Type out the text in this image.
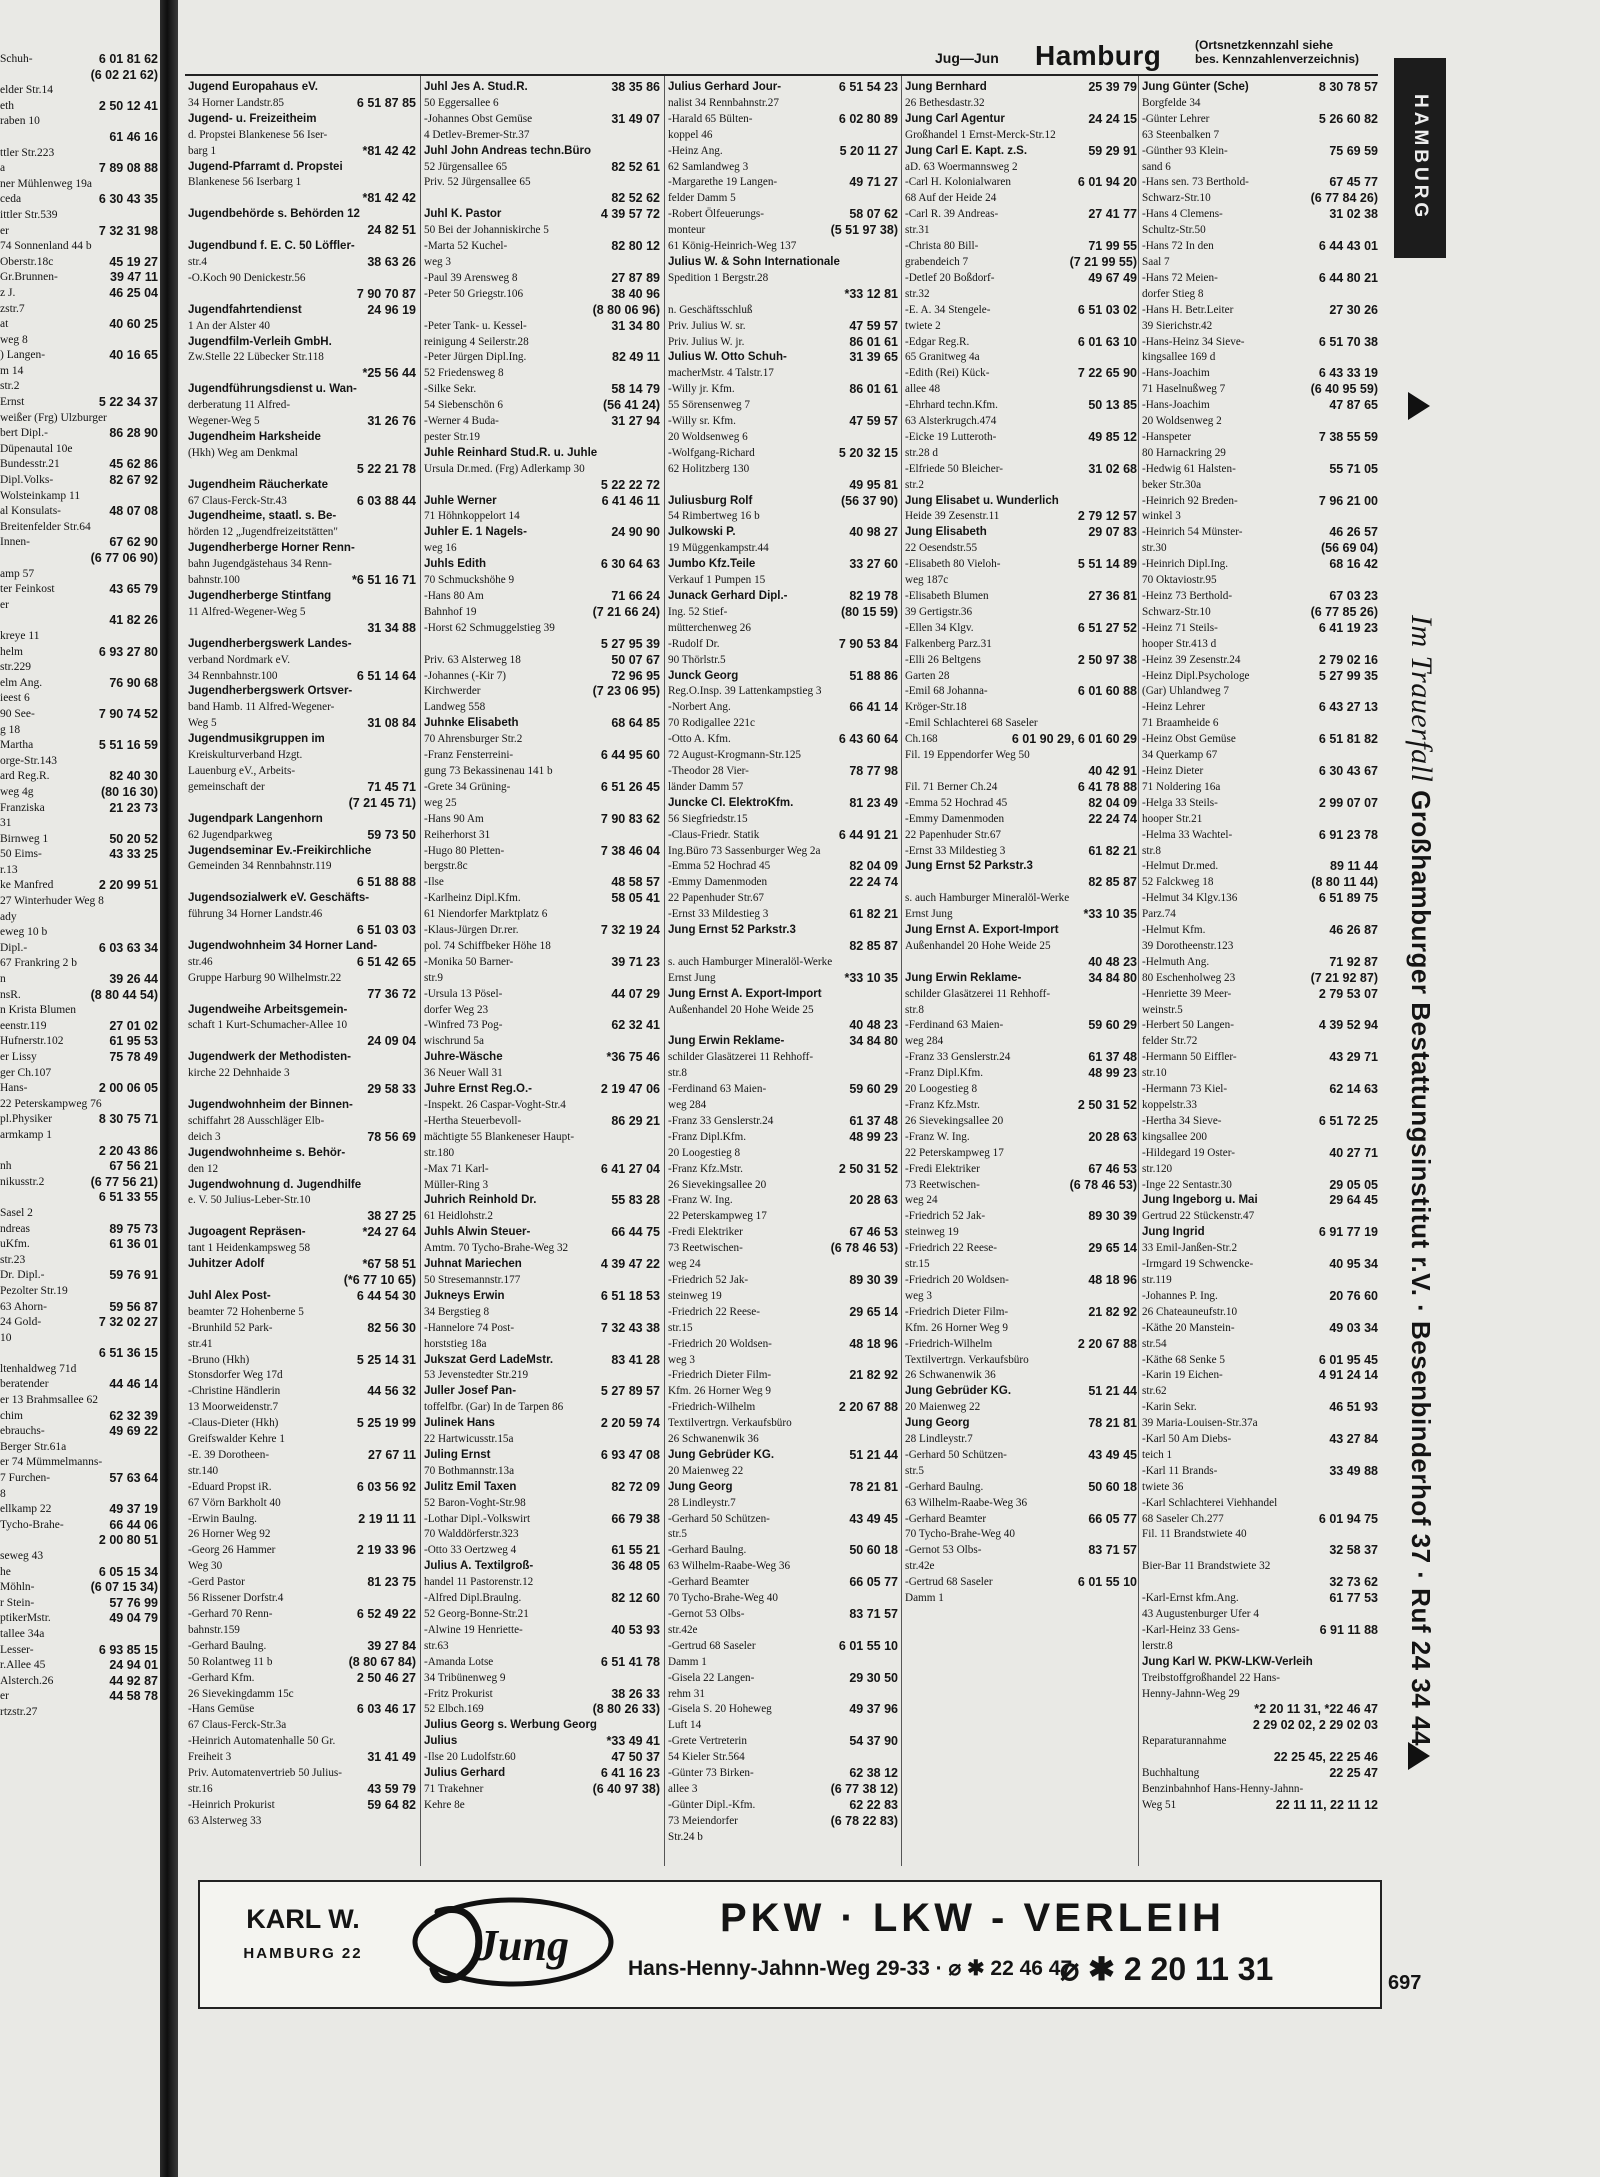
Schuh-	6 01 81 62
(6 02 21 62)
elder Str.14
eth	2 50 12 41
raben 10
61 46 16
ttler Str.223
a	7 89 08 88
ner Mühlenweg 19a
ceda	6 30 43 35
ittler Str.539
er	7 32 31 98
74 Sonnenland 44 b
Oberstr.18c	45 19 27
Gr.Brunnen-	39 47 11
z J.	46 25 04
zstr.7
at	40 60 25
weg 8
) Langen-	40 16 65
m 14
str.2
Ernst	5 22 34 37
weißer (Frg) Ulzburger
bert Dipl.-	86 28 90
Düpenautal 10e
Bundesstr.21	45 62 86
Dipl.Volks-	82 67 92
Wolsteinkamp 11
al Konsulats-	48 07 08
Breitenfelder Str.64
Innen-	67 62 90
(6 77 06 90)
amp 57
ter Feinkost	43 65 79
er
41 82 26
kreye 11
helm	6 93 27 80
str.229
elm Ang.	76 90 68
ieest 6
90 See-	7 90 74 52
g 18
Martha	5 51 16 59
orge-Str.143
ard Reg.R.	82 40 30
weg 4g	(80 16 30)
Franziska	21 23 73
31
Birnweg 1	50 20 52
50 Eims-	43 33 25
r.13
ke Manfred	2 20 99 51
27 Winterhuder Weg 8
ady
eweg 10 b
Dipl.-	6 03 63 34
67 Frankring 2 b
n	39 26 44
nsR.	(8 80 44 54)
n Krista Blumen
eenstr.119	27 01 02
Hufnerstr.102	61 95 53
er Lissy	75 78 49
ger Ch.107
Hans-	2 00 06 05
22 Peterskampweg 76
pl.Physiker	8 30 75 71
armkamp 1
2 20 43 86
nh	67 56 21
nikusstr.2	(6 77 56 21)
6 51 33 55
Sasel 2
ndreas	89 75 73
uKfm.	61 36 01
str.23
Dr. Dipl.-	59 76 91
Pezolter Str.19
63 Ahorn-	59 56 87
24 Gold-	7 32 02 27
10
6 51 36 15
ltenhaldweg 71d
beratender	44 46 14
er 13 Brahmsallee 62
chim	62 32 39
ebrauchs-	49 69 22
Berger Str.61a
er 74 Mümmelmanns-
7 Furchen-	57 63 64
8
ellkamp 22	49 37 19
Tycho-Brahe-	66 44 06
2 00 80 51
seweg 43
he	6 05 15 34
Möhln-	(6 07 15 34)
r Stein-	57 76 99
ptikerMstr.	49 04 79
tallee 34a
Lesser-	6 93 85 15
r.Allee 45	24 94 01
Alsterch.26	44 92 87
er	44 58 78
rtzstr.27
Jug—Jun Hamburg	(Ortsnetzkennzahl siehe
bes. Kennzahlenverzeichnis)
Jugend Europahaus eV.
34 Horner Landstr.85	6 51 87 85
Jugend- u. Freizeitheim
d. Propstei Blankenese 56 Iser-
barg 1	*81 42 42
Jugend-Pfarramt d. Propstei
Blankenese 56 Iserbarg 1
*81 42 42
Jugendbehörde s. Behörden 12
24 82 51
Jugendbund f. E. C. 50 Löffler-
str.4	38 63 26
-O.Koch 90 Denickestr.56
7 90 70 87
Jugendfahrtendienst	24 96 19
1 An der Alster 40
Jugendfilm-Verleih GmbH.
Zw.Stelle 22 Lübecker Str.118
*25 56 44
Jugendführungsdienst u. Wan-
derberatung 11 Alfred-
Wegener-Weg 5	31 26 76
Jugendheim Harksheide
(Hkh) Weg am Denkmal
5 22 21 78
Jugendheim Räucherkate
67 Claus-Ferck-Str.43	6 03 88 44
Jugendheime, staatl. s. Be-
hörden 12 „Jugendfreizeitstätten"
Jugendherberge Horner Renn-
bahn Jugendgästehaus 34 Renn-
bahnstr.100	*6 51 16 71
Jugendherberge Stintfang
11 Alfred-Wegener-Weg 5
31 34 88
Jugendherbergswerk Landes-
verband Nordmark eV.
34 Rennbahnstr.100	6 51 14 64
Jugendherbergswerk Ortsver-
band Hamb. 11 Alfred-Wegener-
Weg 5	31 08 84
Jugendmusikgruppen im
Kreiskulturverband Hzgt.
Lauenburg eV., Arbeits-
gemeinschaft der	71 45 71
(7 21 45 71)
Jugendpark Langenhorn
62 Jugendparkweg	59 73 50
Jugendseminar Ev.-Freikirchliche
Gemeinden 34 Rennbahnstr.119
6 51 88 88
Jugendsozialwerk eV. Geschäfts-
führung 34 Horner Landstr.46
6 51 03 03
Jugendwohnheim 34 Horner Land-
str.46	6 51 42 65
Gruppe Harburg 90 Wilhelmstr.22
77 36 72
Jugendweihe Arbeitsgemein-
schaft 1 Kurt-Schumacher-Allee 10
24 09 04
Jugendwerk der Methodisten-
kirche 22 Dehnhaide 3
29 58 33
Jugendwohnheim der Binnen-
schiffahrt 28 Ausschläger Elb-
deich 3	78 56 69
Jugendwohnheime s. Behör-
den 12
Jugendwohnung d. Jugendhilfe
e. V. 50 Julius-Leber-Str.10
38 27 25
Jugoagent Repräsen-	*24 27 64
tant 1 Heidenkampsweg 58
Juhitzer Adolf	*67 58 51
(*6 77 10 65)
Juhl Alex Post-	6 44 54 30
beamter 72 Hohenberne 5
-Brunhild 52 Park-	82 56 30
str.41
-Bruno (Hkh)	5 25 14 31
Stonsdorfer Weg 17d
-Christine Händlerin	44 56 32
13 Moorweidenstr.7
-Claus-Dieter (Hkh)	5 25 19 99
Greifswalder Kehre 1
-E. 39 Dorotheen-	27 67 11
str.140
-Eduard Propst iR.	6 03 56 92
67 Vörn Barkholt 40
-Erwin Baulng.	2 19 11 11
26 Horner Weg 92
-Georg 26 Hammer	2 19 33 96
Weg 30
-Gerd Pastor	81 23 75
56 Rissener Dorfstr.4
-Gerhard 70 Renn-	6 52 49 22
bahnstr.159
-Gerhard Baulng.	39 27 84
50 Rolantweg 11 b	(8 80 67 84)
-Gerhard Kfm.	2 50 46 27
26 Sievekingdamm 15c
-Hans Gemüse	6 03 46 17
67 Claus-Ferck-Str.3a
-Heinrich Automatenhalle 50 Gr.
Freiheit 3	31 41 49
Priv. Automatenvertrieb 50 Julius-
str.16	43 59 79
-Heinrich Prokurist	59 64 82
63 Alsterweg 33
Juhl Jes A. Stud.R.	38 35 86
50 Eggersallee 6
-Johannes Obst Gemüse	31 49 07
4 Detlev-Bremer-Str.37
Juhl John Andreas techn.Büro
52 Jürgensallee 65	82 52 61
Priv. 52 Jürgensallee 65
82 52 62
Juhl K. Pastor	4 39 57 72
50 Bei der Johanniskirche 5
-Marta 52 Kuchel-	82 80 12
weg 3
-Paul 39 Arensweg 8	27 87 89
-Peter 50 Griegstr.106	38 40 96
(8 80 06 96)
-Peter Tank- u. Kessel-	31 34 80
reinigung 4 Seilerstr.28
-Peter Jürgen Dipl.Ing.	82 49 11
52 Friedensweg 8
-Silke Sekr.	58 14 79
54 Siebenschön 6	(56 41 24)
-Werner 4 Buda-	31 27 94
pester Str.19
Juhle Reinhard Stud.R. u. Juhle
Ursula Dr.med. (Frg) Adlerkamp 30
5 22 22 72
Juhle Werner	6 41 46 11
71 Höhnkoppelort 14
Juhler E. 1 Nagels-	24 90 90
weg 16
Juhls Edith	6 30 64 63
70 Schmuckshöhe 9
-Hans 80 Am	71 66 24
Bahnhof 19	(7 21 66 24)
-Horst 62 Schmuggelstieg 39
5 27 95 39
Priv. 63 Alsterweg 18	50 07 67
-Johannes (-Kir 7)	72 96 95
Kirchwerder	(7 23 06 95)
Landweg 558
Juhnke Elisabeth	68 64 85
70 Ahrensburger Str.2
-Franz Fensterreini-	6 44 95 60
gung 73 Bekassinenau 141 b
-Grete 34 Grüning-	6 51 26 45
weg 25
-Hans 90 Am	7 90 83 62
Reiherhorst 31
-Hugo 80 Pletten-	7 38 46 04
bergstr.8c
-Ilse	48 58 57
-Karlheinz Dipl.Kfm.	58 05 41
61 Niendorfer Marktplatz 6
-Klaus-Jürgen Dr.rer.	7 32 19 24
pol. 74 Schiffbeker Höhe 18
-Monika 50 Barner-	39 71 23
str.9
-Ursula 13 Pösel-	44 07 29
dorfer Weg 23
-Winfred 73 Pog-	62 32 41
wischrund 5a
Juhre-Wäsche	*36 75 46
36 Neuer Wall 31
Juhre Ernst Reg.O.-	2 19 47 06
-Inspekt. 26 Caspar-Voght-Str.4
-Hertha Steuerbevoll-	86 29 21
mächtigte 55 Blankeneser Haupt-
str.180
-Max 71 Karl-	6 41 27 04
Müller-Ring 3
Juhrich Reinhold Dr.	55 83 28
61 Heidlohstr.2
Juhls Alwin Steuer-	66 44 75
Amtm. 70 Tycho-Brahe-Weg 32
Juhnat Mariechen	4 39 47 22
50 Stresemannstr.177
Jukneys Erwin	6 51 18 53
34 Bergstieg 8
-Hannelore 74 Post-	7 32 43 38
horststieg 18a
Jukszat Gerd LadeMstr.	83 41 28
53 Jevenstedter Str.219
Juller Josef Pan-	5 27 89 57
toffelfbr. (Gar) In de Tarpen 86
Julinek Hans	2 20 59 74
22 Hartwicusstr.15a
Juling Ernst	6 93 47 08
70 Bothmannstr.13a
Julitz Emil Taxen	82 72 09
52 Baron-Voght-Str.98
-Lothar Dipl.-Volkswirt	66 79 38
70 Walddörferstr.323
-Otto 33 Oertzweg 4	61 55 21
Julius A. Textilgroß-	36 48 05
handel 11 Pastorenstr.12
-Alfred Dipl.Braulng.	82 12 60
52 Georg-Bonne-Str.21
-Alwine 19 Henriette-	40 53 93
str.63
-Amanda Lotse	6 51 41 78
34 Tribünenweg 9
-Fritz Prokurist	38 26 33
52 Elbch.169	(8 80 26 33)
Julius Georg s. Werbung Georg
Julius	*33 49 41
-Ilse 20 Ludolfstr.60	47 50 37
Julius Gerhard	6 41 16 23
71 Trakehner	(6 40 97 38)
Kehre 8e
Julius Gerhard Jour-	6 51 54 23
nalist 34 Rennbahnstr.27
-Harald 65 Bülten-	6 02 80 89
koppel 46
-Heinz Ang.	5 20 11 27
62 Samlandweg 3
-Margarethe 19 Langen-	49 71 27
felder Damm 5
-Robert Ölfeuerungs-	58 07 62
monteur	(5 51 97 38)
61 König-Heinrich-Weg 137
Julius W. & Sohn Internationale
Spedition 1 Bergstr.28
*33 12 81
n. Geschäftsschluß
Priv. Julius W. sr.	47 59 57
Priv. Julius W. jr.	86 01 61
Julius W. Otto Schuh-	31 39 65
macherMstr. 4 Talstr.17
-Willy jr. Kfm.	86 01 61
55 Sörensenweg 7
-Willy sr. Kfm.	47 59 57
20 Woldsenweg 6
-Wolfgang-Richard	5 20 32 15
62 Holitzberg 130
49 95 81
Juliusburg Rolf	(56 37 90)
54 Rimbertweg 16 b
Julkowski P.	40 98 27
19 Müggenkampstr.44
Jumbo Kfz.Teile	33 27 60
Verkauf 1 Pumpen 15
Junack Gerhard Dipl.-	82 19 78
Ing. 52 Stief-	(80 15 59)
mütterchenweg 26
-Rudolf Dr.	7 90 53 84
90 Thörlstr.5
Junck Georg	51 88 86
Reg.O.Insp. 39 Lattenkampstieg 3
-Norbert Ang.	66 41 14
70 Rodigallee 221c
-Otto A. Kfm.	6 43 60 64
72 August-Krogmann-Str.125
-Theodor 28 Vier-	78 77 98
länder Damm 57
Juncke Cl. ElektroKfm.	81 23 49
56 Siegfriedstr.15
-Claus-Friedr. Statik	6 44 91 21
Ing.Büro 73 Sassenburger Weg 2a
-Emma 52 Hochrad 45	82 04 09
-Emmy Damenmoden	22 24 74
22 Papenhuder Str.67
-Ernst 33 Mildestieg 3	61 82 21
Jung Ernst 52 Parkstr.3
82 85 87
s. auch Hamburger Mineralöl-Werke
Ernst Jung	*33 10 35
Jung Ernst A. Export-Import
Außenhandel 20 Hohe Weide 25
40 48 23
Jung Erwin Reklame-	34 84 80
schilder Glasätzerei 11 Rehhoff-
str.8
-Ferdinand 63 Maien-	59 60 29
weg 284
-Franz 33 Genslerstr.24	61 37 48
-Franz Dipl.Kfm.	48 99 23
20 Loogestieg 8
-Franz Kfz.Mstr.	2 50 31 52
26 Sievekingsallee 20
-Franz W. Ing.	20 28 63
22 Peterskampweg 17
-Fredi Elektriker	67 46 53
73 Reetwischen-	(6 78 46 53)
weg 24
-Friedrich 52 Jak-	89 30 39
steinweg 19
-Friedrich 22 Reese-	29 65 14
str.15
-Friedrich 20 Woldsen-	48 18 96
weg 3
-Friedrich Dieter Film-	21 82 92
Kfm. 26 Horner Weg 9
-Friedrich-Wilhelm	2 20 67 88
Textilvertrgn. Verkaufsbüro
26 Schwanenwik 36
Jung Gebrüder KG.	51 21 44
20 Maienweg 22
Jung Georg	78 21 81
28 Lindleystr.7
-Gerhard 50 Schützen-	43 49 45
str.5
-Gerhard Baulng.	50 60 18
63 Wilhelm-Raabe-Weg 36
-Gerhard Beamter	66 05 77
70 Tycho-Brahe-Weg 40
-Gernot 53 Olbs-	83 71 57
str.42e
-Gertrud 68 Saseler	6 01 55 10
Damm 1
-Gisela 22 Langen-	29 30 50
rehm 31
-Gisela S. 20 Hoheweg	49 37 96
Luft 14
-Grete Vertreterin	54 37 90
54 Kieler Str.564
-Günter 73 Birken-	62 38 12
allee 3	(6 77 38 12)
-Günter Dipl.-Kfm.	62 22 83
73 Meiendorfer	(6 78 22 83)
Str.24 b
Jung Bernhard	25 39 79
26 Bethesdastr.32
Jung Carl Agentur	24 24 15
Großhandel 1 Ernst-Merck-Str.12
Jung Carl E. Kapt. z.S.	59 29 91
aD. 63 Woermannsweg 2
-Carl H. Kolonialwaren	6 01 94 20
68 Auf der Heide 24
-Carl R. 39 Andreas-	27 41 77
str.31
-Christa 80 Bill-	71 99 55
grabendeich 7	(7 21 99 55)
-Detlef 20 Boßdorf-	49 67 49
str.32
-E. A. 34 Stengele-	6 51 03 02
twiete 2
-Edgar Reg.R.	6 01 63 10
65 Granitweg 4a
-Edith (Rei) Kück-	7 22 65 90
allee 48
-Ehrhard techn.Kfm.	50 13 85
63 Alsterkrugch.474
-Eicke 19 Lutteroth-	49 85 12
str.28 d
-Elfriede 50 Bleicher-	31 02 68
str.2
Jung Elisabet u. Wunderlich
Heide 39 Zesenstr.11	2 79 12 57
Jung Elisabeth	29 07 83
22 Oesendstr.55
-Elisabeth 80 Vieloh-	5 51 14 89
weg 187c
-Elisabeth Blumen	27 36 81
39 Gertigstr.36
-Ellen 34 Klgv.	6 51 27 52
Falkenberg Parz.31
-Elli 26 Beltgens	2 50 97 38
Garten 28
-Emil 68 Johanna-	6 01 60 88
Kröger-Str.18
-Emil Schlachterei 68 Saseler
Ch.168	6 01 90 29, 6 01 60 29
Fil. 19 Eppendorfer Weg 50
40 42 91
Fil. 71 Berner Ch.24	6 41 78 88
-Emma 52 Hochrad 45	82 04 09
-Emmy Damenmoden	22 24 74
22 Papenhuder Str.67
-Ernst 33 Mildestieg 3	61 82 21
Jung Ernst 52 Parkstr.3
82 85 87
s. auch Hamburger Mineralöl-Werke
Ernst Jung	*33 10 35
Jung Ernst A. Export-Import
Außenhandel 20 Hohe Weide 25
40 48 23
Jung Erwin Reklame-	34 84 80
schilder Glasätzerei 11 Rehhoff-
str.8
-Ferdinand 63 Maien-	59 60 29
weg 284
-Franz 33 Genslerstr.24	61 37 48
-Franz Dipl.Kfm.	48 99 23
20 Loogestieg 8
-Franz Kfz.Mstr.	2 50 31 52
26 Sievekingsallee 20
-Franz W. Ing.	20 28 63
22 Peterskampweg 17
-Fredi Elektriker	67 46 53
73 Reetwischen-	(6 78 46 53)
weg 24
-Friedrich 52 Jak-	89 30 39
steinweg 19
-Friedrich 22 Reese-	29 65 14
str.15
-Friedrich 20 Woldsen-	48 18 96
weg 3
-Friedrich Dieter Film-	21 82 92
Kfm. 26 Horner Weg 9
-Friedrich-Wilhelm	2 20 67 88
Textilvertrgn. Verkaufsbüro
26 Schwanenwik 36
Jung Gebrüder KG.	51 21 44
20 Maienweg 22
Jung Georg	78 21 81
28 Lindleystr.7
-Gerhard 50 Schützen-	43 49 45
str.5
-Gerhard Baulng.	50 60 18
63 Wilhelm-Raabe-Weg 36
-Gerhard Beamter	66 05 77
70 Tycho-Brahe-Weg 40
-Gernot 53 Olbs-	83 71 57
str.42e
-Gertrud 68 Saseler	6 01 55 10
Damm 1
Jung Günter (Sche)	8 30 78 57
Borgfelde 34
-Günter Lehrer	5 26 60 82
63 Steenbalken 7
-Günther 93 Klein-	75 69 59
sand 6
-Hans sen. 73 Berthold-	67 45 77
Schwarz-Str.10	(6 77 84 26)
-Hans 4 Clemens-	31 02 38
Schultz-Str.50
-Hans 72 In den	6 44 43 01
Saal 7
-Hans 72 Meien-	6 44 80 21
dorfer Stieg 8
-Hans H. Betr.Leiter	27 30 26
39 Sierichstr.42
-Hans-Heinz 34 Sieve-	6 51 70 38
kingsallee 169 d
-Hans-Joachim	6 43 33 19
71 Haselnußweg 7	(6 40 95 59)
-Hans-Joachim	47 87 65
20 Woldsenweg 2
-Hanspeter	7 38 55 59
80 Harnackring 29
-Hedwig 61 Halsten-	55 71 05
beker Str.30a
-Heinrich 92 Breden-	7 96 21 00
winkel 3
-Heinrich 54 Münster-	46 26 57
str.30	(56 69 04)
-Heinrich Dipl.Ing.	68 16 42
70 Oktaviostr.95
-Heinz 73 Berthold-	67 03 23
Schwarz-Str.10	(6 77 85 26)
-Heinz 71 Steils-	6 41 19 23
hooper Str.413 d
-Heinz 39 Zesenstr.24	2 79 02 16
-Heinz Dipl.Psychologe	5 27 99 35
(Gar) Uhlandweg 7
-Heinz Lehrer	6 43 27 13
71 Braamheide 6
-Heinz Obst Gemüse	6 51 81 82
34 Querkamp 67
-Heinz Dieter	6 30 43 67
71 Noldering 16a
-Helga 33 Steils-	2 99 07 07
hooper Str.21
-Helma 33 Wachtel-	6 91 23 78
str.8
-Helmut Dr.med.	89 11 44
52 Falckweg 18	(8 80 11 44)
-Helmut 34 Klgv.136	6 51 89 75
Parz.74
-Helmut Kfm.	46 26 87
39 Dorotheenstr.123
-Helmuth Ang.	71 92 87
80 Eschenholweg 23	(7 21 92 87)
-Henriette 39 Meer-	2 79 53 07
weinstr.5
-Herbert 50 Langen-	4 39 52 94
felder Str.72
-Hermann 50 Eiffler-	43 29 71
str.10
-Hermann 73 Kiel-	62 14 63
koppelstr.33
-Hertha 34 Sieve-	6 51 72 25
kingsallee 200
-Hildegard 19 Oster-	40 27 71
str.120
-Inge 22 Sentastr.30	29 05 05
Jung Ingeborg u. Mai	29 64 45
Gertrud 22 Stückenstr.47
Jung Ingrid	6 91 77 19
33 Emil-Janßen-Str.2
-Irmgard 19 Schwencke-	40 95 34
str.119
-Johannes P. Ing.	20 76 60
26 Chateauneufstr.10
-Käthe 20 Manstein-	49 03 34
str.54
-Käthe 68 Senke 5	6 01 95 45
-Karin 19 Eichen-	4 91 24 14
str.62
-Karin Sekr.	46 51 93
39 Maria-Louisen-Str.37a
-Karl 50 Am Diebs-	43 27 84
teich 1
-Karl 11 Brands-	33 49 88
twiete 36
-Karl Schlachterei Viehhandel
68 Saseler Ch.277	6 01 94 75
Fil. 11 Brandstwiete 40
32 58 37
Bier-Bar 11 Brandstwiete 32
32 73 62
-Karl-Ernst kfm.Ang.	61 77 53
43 Augustenburger Ufer 4
-Karl-Heinz 33 Gens-	6 91 11 88
lerstr.8
Jung Karl W. PKW-LKW-Verleih
Treibstoffgroßhandel 22 Hans-
Henny-Jahnn-Weg 29
*2 20 11 31, *22 46 47
2 29 02 02, 2 29 02 03
Reparaturannahme
22 25 45, 22 25 46
Buchhaltung	22 25 47
Benzinbahnhof Hans-Henny-Jahnn-
Weg 51	22 11 11, 22 11 12
HAMBURG
Im Trauerfall Großhamburger Bestattungsinstitut r.V. · Besenbinderhof 37 · Ruf 24 34 44
KARL W.
HAMBURG 22	Jung
PKW · LKW - VERLEIH
Hans-Henny-Jahnn-Weg 29-33 · ⌀ ✱ 22 46 47
⌀ ✱ 2 20 11 31	697
